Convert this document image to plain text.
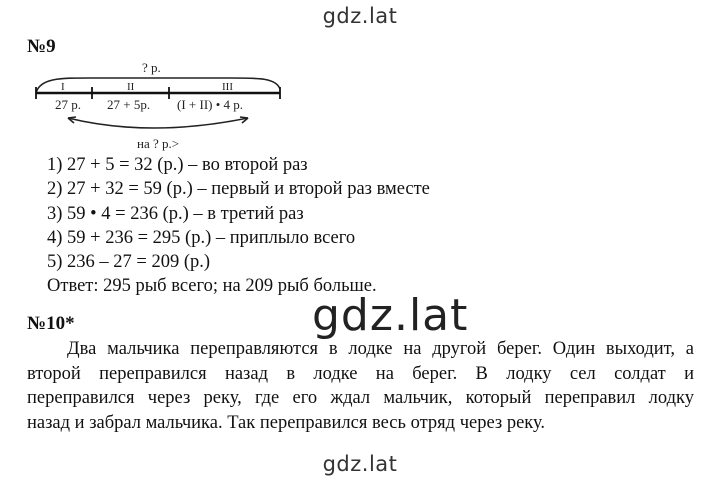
gdz.lat
№9
? р.
I	II	III
27 р. 27 + 5р. (I + II) • 4 р.
на ? р.>
1) 27 + 5 = 32 (р.) – во второй раз
2) 27 + 32 = 59 (р.) – первый и второй раз вместе
3) 59 • 4 = 236 (р.) – в третий раз
4) 59 + 236 = 295 (р.) – приплыло всего
5) 236 – 27 = 209 (р.)
Ответ: 295 рыб всего; на 209 рыб больше.
№10*
Два мальчика переправляются в лодке на другой берег. Один выходит, а
второй переправился назад в лодке на берег. В лодку сел солдат и
переправился через реку, где его ждал мальчик, который переправил лодку
назад и забрал мальчика. Так переправился весь отряд через реку.
gdz.lat
gdz.lat
